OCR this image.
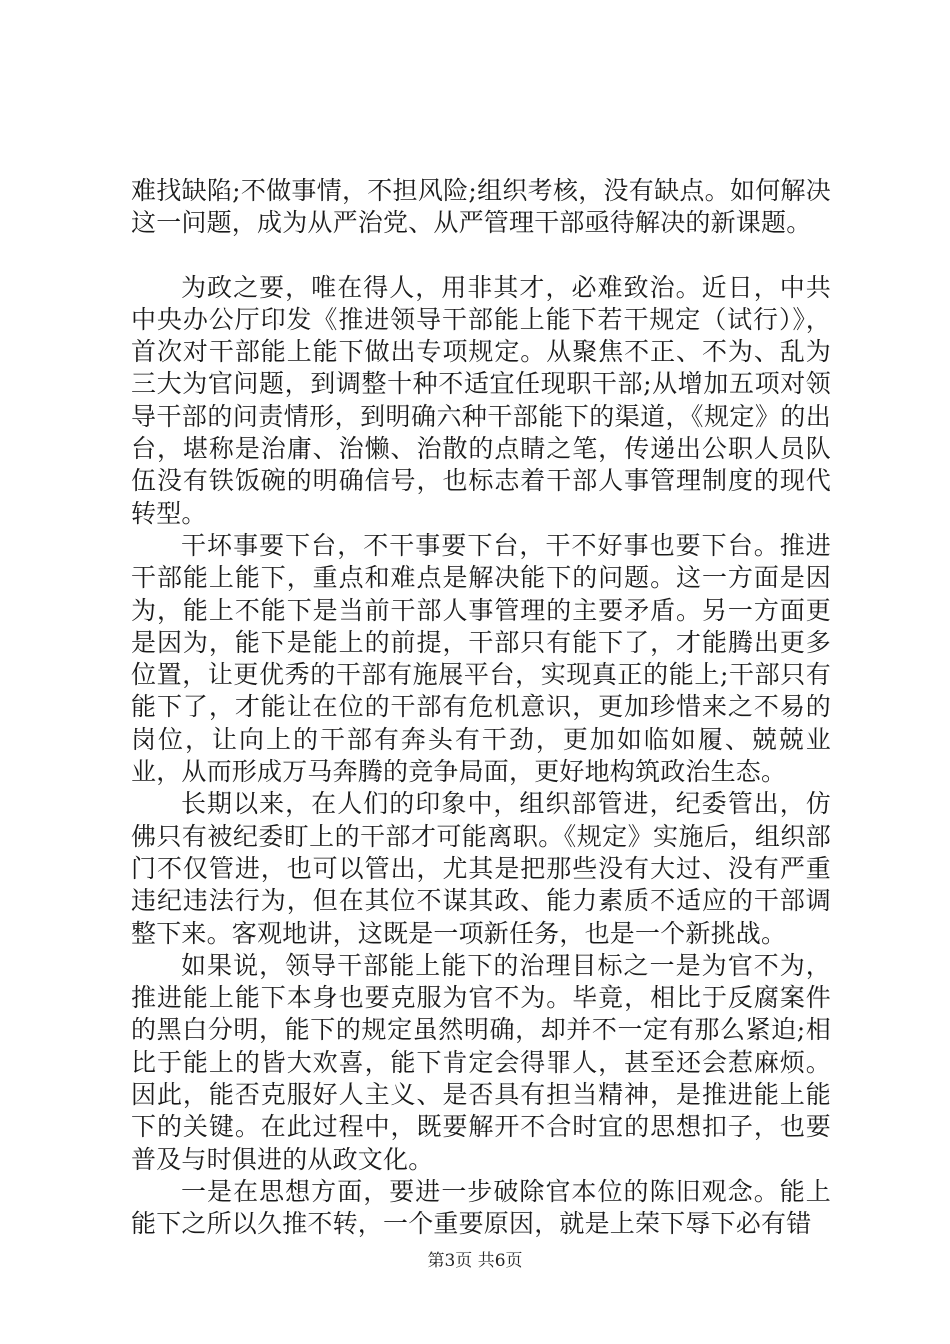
难找缺陷;不做事情，不担风险;组织考核，没有缺点。如何解决这一问题，成为从严治党、从严管理干部亟待解决的新课题。

为政之要，唯在得人，用非其才，必难致治。近日，中共中央办公厅印发《推进领导干部能上能下若干规定（试行）》，首次对干部能上能下做出专项规定。从聚焦不正、不为、乱为三大为官问题，到调整十种不适宜任现职干部;从增加五项对领导干部的问责情形，到明确六种干部能下的渠道，《规定》的出台，堪称是治庸、治懒、治散的点睛之笔，传递出公职人员队伍没有铁饭碗的明确信号，也标志着干部人事管理制度的现代转型。

干坏事要下台，不干事要下台，干不好事也要下台。推进干部能上能下，重点和难点是解决能下的问题。这一方面是因为，能上不能下是当前干部人事管理的主要矛盾。另一方面更是因为，能下是能上的前提，干部只有能下了，才能腾出更多位置，让更优秀的干部有施展平台，实现真正的能上;干部只有能下了，才能让在位的干部有危机意识，更加珍惜来之不易的岗位，让向上的干部有奔头有干劲，更加如临如履、兢兢业业，从而形成万马奔腾的竞争局面，更好地构筑政治生态。

长期以来，在人们的印象中，组织部管进，纪委管出，仿佛只有被纪委盯上的干部才可能离职。《规定》实施后，组织部门不仅管进，也可以管出，尤其是把那些没有大过、没有严重违纪违法行为，但在其位不谋其政、能力素质不适应的干部调整下来。客观地讲，这既是一项新任务，也是一个新挑战。

如果说，领导干部能上能下的治理目标之一是为官不为，推进能上能下本身也要克服为官不为。毕竟，相比于反腐案件的黑白分明，能下的规定虽然明确，却并不一定有那么紧迫;相比于能上的皆大欢喜，能下肯定会得罪人，甚至还会惹麻烦。因此，能否克服好人主义、是否具有担当精神，是推进能上能下的关键。在此过程中，既要解开不合时宜的思想扣子，也要普及与时俱进的从政文化。

一是在思想方面，要进一步破除官本位的陈旧观念。能上能下之所以久推不转，一个重要原因，就是上荣下辱下必有错

第3页 共6页
